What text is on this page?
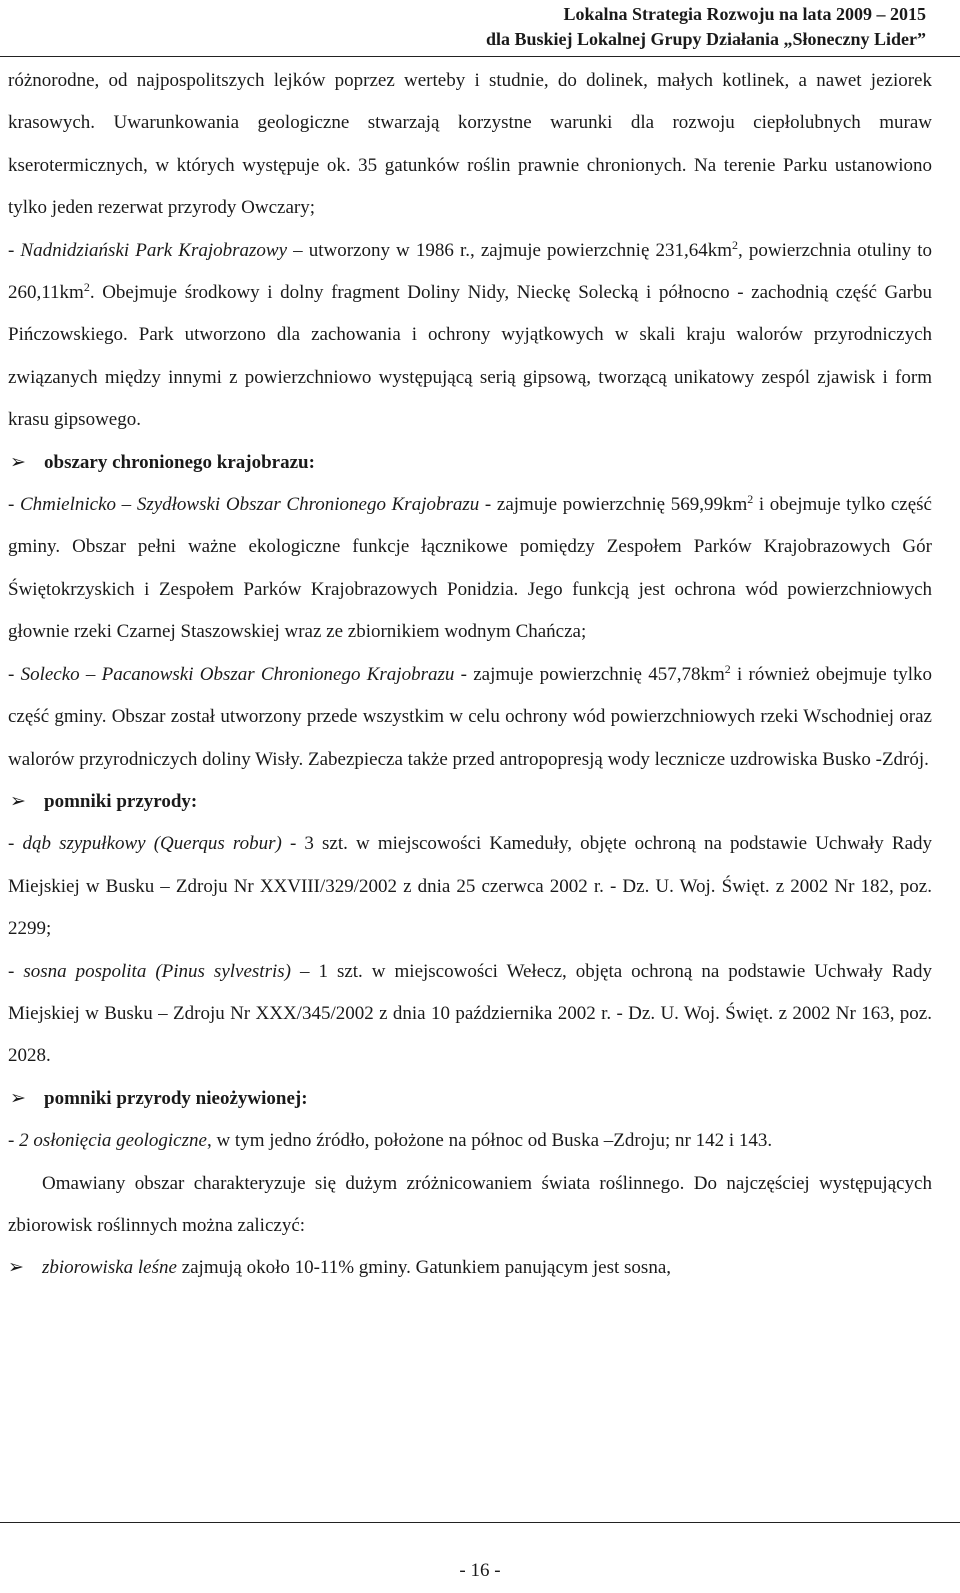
Lokalna Strategia Rozwoju na lata 2009 – 2015
dla Buskiej Lokalnej Grupy Działania „Słoneczny Lider”

różnorodne, od najpospolitszych lejków poprzez werteby i studnie, do dolinek, małych kotlinek, a nawet jeziorek krasowych. Uwarunkowania geologiczne stwarzają korzystne warunki dla rozwoju ciepłolubnych muraw kserotermicznych, w których występuje ok. 35 gatunków roślin prawnie chronionych. Na terenie Parku ustanowiono tylko jeden rezerwat przyrody Owczary;

- Nadnidziański Park Krajobrazowy – utworzony w 1986 r., zajmuje powierzchnię $231,64km^2$, powierzchnia otuliny to $260,11km^2$. Obejmuje środkowy i dolny fragment Doliny Nidy, Nieckę Solecką i północno - zachodnią część Garbu Pińczowskiego. Park utworzono dla zachowania i ochrony wyjątkowych w skali kraju walorów przyrodniczych związanych między innymi z powierzchniowo występującą serią gipsową, tworzącą unikatowy zespól zjawisk i form krasu gipsowego.

➢ obszary chronionego krajobrazu:

- Chmielnicko – Szydłowski Obszar Chronionego Krajobrazu - zajmuje powierzchnię $569,99km^2$ i obejmuje tylko część gminy. Obszar pełni ważne ekologiczne funkcje łącznikowe pomiędzy Zespołem Parków Krajobrazowych Gór Świętokrzyskich i Zespołem Parków Krajobrazowych Ponidzia. Jego funkcją jest ochrona wód powierzchniowych głownie rzeki Czarnej Staszowskiej wraz ze zbiornikiem wodnym Chańcza;

- Solecko – Pacanowski Obszar Chronionego Krajobrazu - zajmuje powierzchnię $457,78km^2$ i również obejmuje tylko część gminy. Obszar został utworzony przede wszystkim w celu ochrony wód powierzchniowych rzeki Wschodniej oraz walorów przyrodniczych doliny Wisły. Zabezpiecza także przed antropopresją wody lecznicze uzdrowiska Busko -Zdrój.

➢ pomniki przyrody:

- dąb szypułkowy (Querqus robur) - 3 szt. w miejscowości Kameduły, objęte ochroną na podstawie Uchwały Rady Miejskiej w Busku – Zdroju Nr XXVIII/329/2002 z dnia 25 czerwca 2002 r. - Dz. U. Woj. Święt. z 2002 Nr 182, poz. 2299;

- sosna pospolita (Pinus sylvestris) – 1 szt. w miejscowości Wełecz, objęta ochroną na podstawie Uchwały Rady Miejskiej w Busku – Zdroju Nr XXX/345/2002 z dnia 10 października 2002 r. - Dz. U. Woj. Święt. z 2002 Nr 163, poz. 2028.

➢ pomniki przyrody nieożywionej:

- 2 osłonięcia geologiczne, w tym jedno źródło, położone na północ od Buska –Zdroju; nr 142 i 143.

Omawiany obszar charakteryzuje się dużym zróżnicowaniem świata roślinnego. Do najczęściej występujących zbiorowisk roślinnych można zaliczyć:

➢ zbiorowiska leśne zajmują około 10-11% gminy. Gatunkiem panującym jest sosna,

- 16 -
